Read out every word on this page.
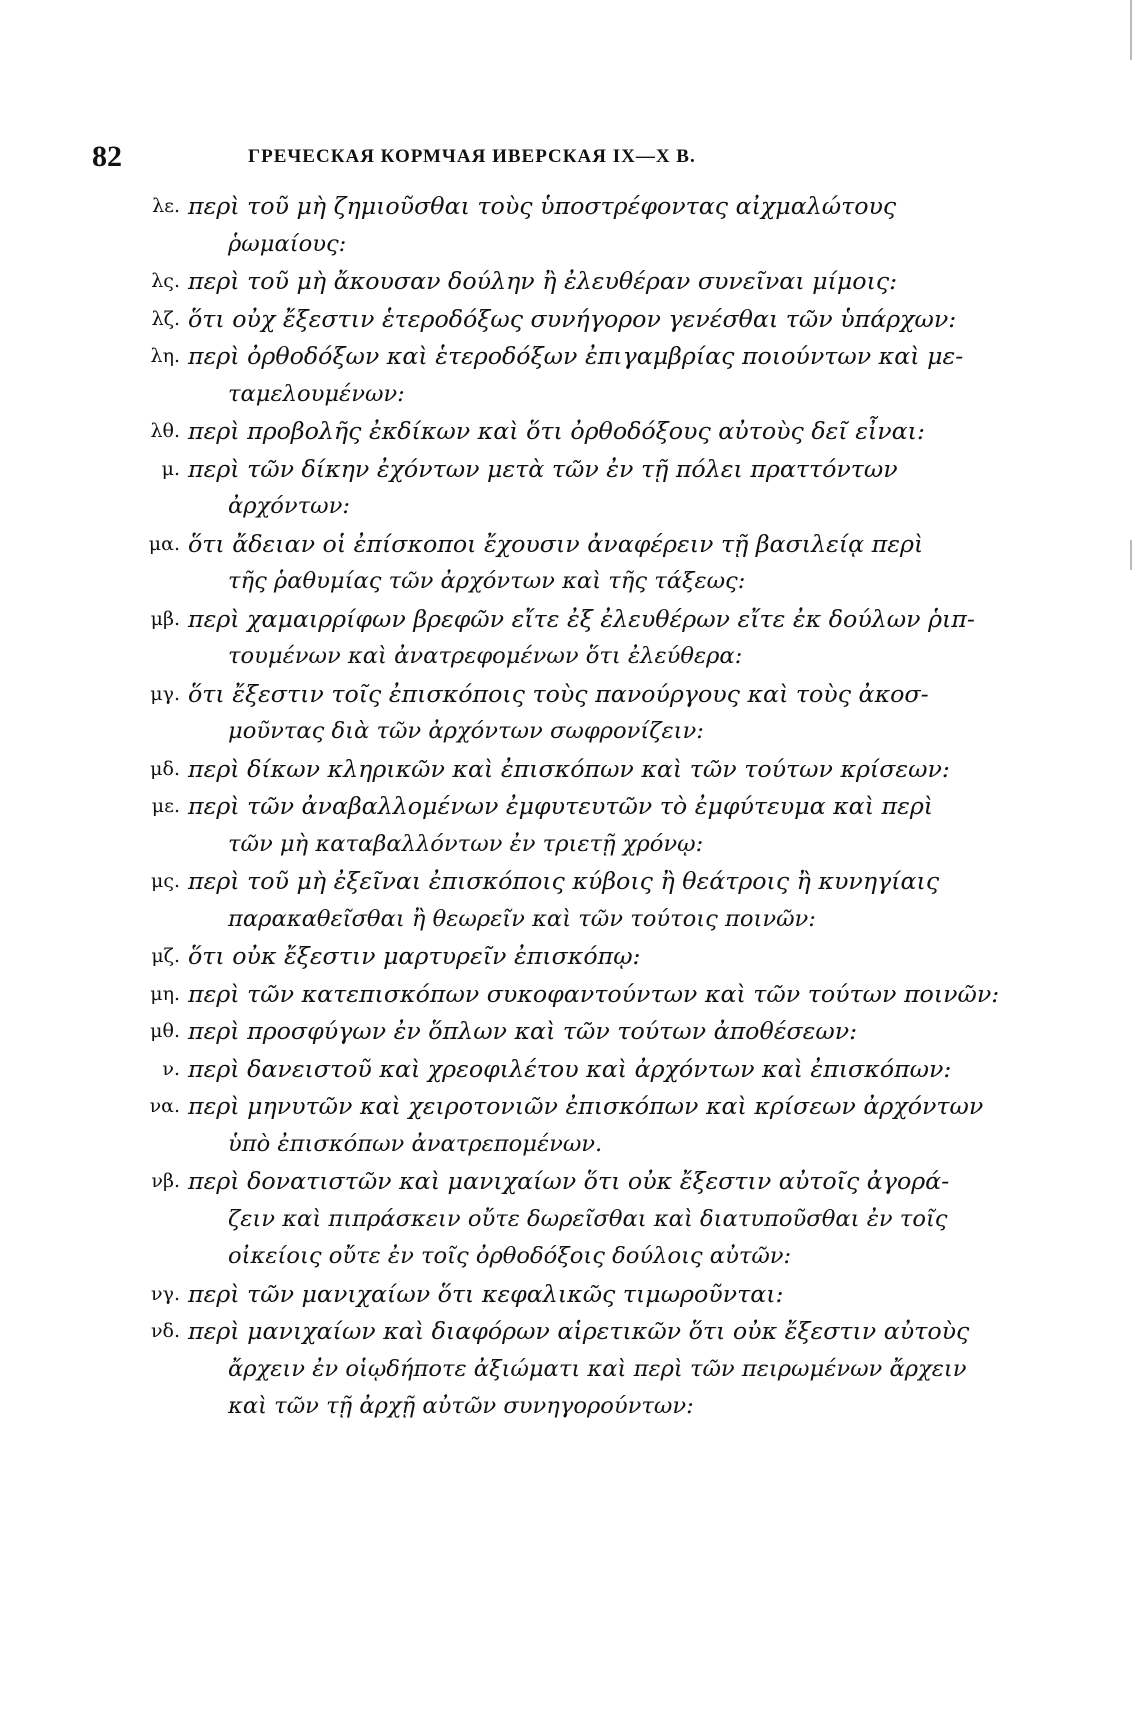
82	ГРЕЧЕСКАЯ КОРМЧАЯ ИВЕРСКАЯ IX—X В.
λε. περὶ τοῦ μὴ ζημιοῦσθαι τοὺς ὑποστρέφοντας αἰχμαλώτους
ῥωμαίους:
λς. περὶ τοῦ μὴ ἄκουσαν δούλην ἢ ἐλευθέραν συνεῖναι μίμοις:
λζ. ὅτι οὐχ ἔξεστιν ἑτεροδόξως συνήγορον γενέσθαι τῶν ὑπάρχων:
λη. περὶ ὀρθοδόξων καὶ ἑτεροδόξων ἐπιγαμβρίας ποιούντων καὶ με-
ταμελουμένων:
λθ. περὶ προβολῆς ἐκδίκων καὶ ὅτι ὀρθοδόξους αὐτοὺς δεῖ εἶναι:
μ. περὶ τῶν δίκην ἐχόντων μετὰ τῶν ἐν τῇ πόλει πραττόντων
ἀρχόντων:
μα. ὅτι ἄδειαν οἱ ἐπίσκοποι ἔχουσιν ἀναφέρειν τῇ βασιλείᾳ περὶ
τῆς ῥαθυμίας τῶν ἀρχόντων καὶ τῆς τάξεως:
μβ. περὶ χαμαιρρίφων βρεφῶν εἴτε ἐξ ἐλευθέρων εἴτε ἐκ δούλων ῥιπ-
τουμένων καὶ ἀνατρεφομένων ὅτι ἐλεύθερα:
μγ. ὅτι ἔξεστιν τοῖς ἐπισκόποις τοὺς πανούργους καὶ τοὺς ἀκοσ-
μοῦντας διὰ τῶν ἀρχόντων σωφρονίζειν:
μδ. περὶ δίκων κληρικῶν καὶ ἐπισκόπων καὶ τῶν τούτων κρίσεων:
με. περὶ τῶν ἀναβαλλομένων ἐμφυτευτῶν τὸ ἐμφύτευμα καὶ περὶ
τῶν μὴ καταβαλλόντων ἐν τριετῇ χρόνῳ:
μς. περὶ τοῦ μὴ ἐξεῖναι ἐπισκόποις κύβοις ἢ θεάτροις ἢ κυνηγίαις
παρακαθεῖσθαι ἢ θεωρεῖν καὶ τῶν τούτοις ποινῶν:
μζ. ὅτι οὐκ ἔξεστιν μαρτυρεῖν ἐπισκόπῳ:
μη. περὶ τῶν κατεπισκόπων συκοφαντούντων καὶ τῶν τούτων ποινῶν:
μθ. περὶ προσφύγων ἐν ὅπλων καὶ τῶν τούτων ἀποθέσεων:
ν. περὶ δανειστοῦ καὶ χρεοφιλέτου καὶ ἀρχόντων καὶ ἐπισκόπων:
να. περὶ μηνυτῶν καὶ χειροτονιῶν ἐπισκόπων καὶ κρίσεων ἀρχόντων
ὑπὸ ἐπισκόπων ἀνατρεπομένων.
νβ. περὶ δονατιστῶν καὶ μανιχαίων ὅτι οὐκ ἔξεστιν αὐτοῖς ἀγορά-
ζειν καὶ πιπράσκειν οὔτε δωρεῖσθαι καὶ διατυποῦσθαι ἐν τοῖς
οἰκείοις οὔτε ἐν τοῖς ὀρθοδόξοις δούλοις αὐτῶν:
νγ. περὶ τῶν μανιχαίων ὅτι κεφαλικῶς τιμωροῦνται:
νδ. περὶ μανιχαίων καὶ διαφόρων αἱρετικῶν ὅτι οὐκ ἔξεστιν αὐτοὺς
ἄρχειν ἐν οἱῳδήποτε ἀξιώματι καὶ περὶ τῶν πειρωμένων ἄρχειν
καὶ τῶν τῇ ἀρχῇ αὐτῶν συνηγορούντων:
